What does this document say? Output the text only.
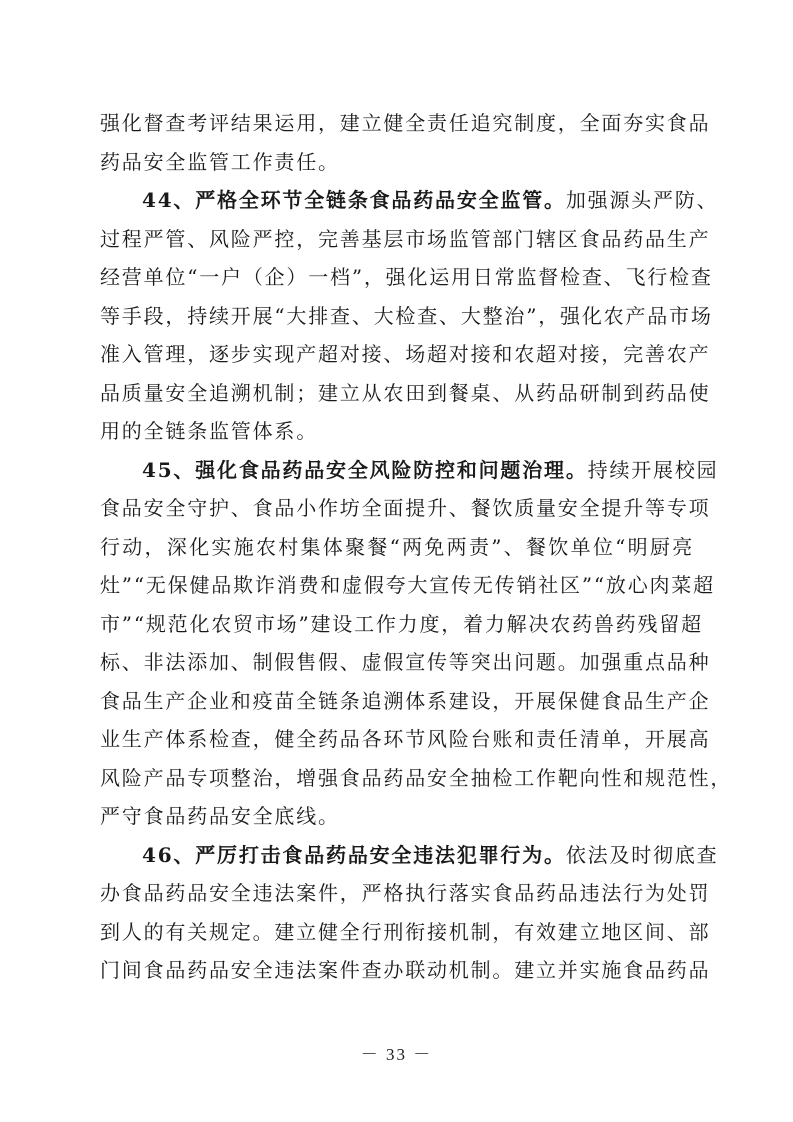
强化督查考评结果运用，建立健全责任追究制度，全面夯实食品
药品安全监管工作责任。
44、严格全环节全链条食品药品安全监管。加强源头严防、
过程严管、风险严控，完善基层市场监管部门辖区食品药品生产
经营单位“一户（企）一档”，强化运用日常监督检查、飞行检查
等手段，持续开展“大排查、大检查、大整治”，强化农产品市场
准入管理，逐步实现产超对接、场超对接和农超对接，完善农产
品质量安全追溯机制；建立从农田到餐桌、从药品研制到药品使
用的全链条监管体系。
45、强化食品药品安全风险防控和问题治理。持续开展校园
食品安全守护、食品小作坊全面提升、餐饮质量安全提升等专项
行动，深化实施农村集体聚餐“两免两责”、餐饮单位“明厨亮
灶”“无保健品欺诈消费和虚假夸大宣传无传销社区”“放心肉菜超
市”“规范化农贸市场”建设工作力度，着力解决农药兽药残留超
标、非法添加、制假售假、虚假宣传等突出问题。加强重点品种
食品生产企业和疫苗全链条追溯体系建设，开展保健食品生产企
业生产体系检查，健全药品各环节风险台账和责任清单，开展高
风险产品专项整治，增强食品药品安全抽检工作靶向性和规范性，
严守食品药品安全底线。
46、严厉打击食品药品安全违法犯罪行为。依法及时彻底查
办食品药品安全违法案件，严格执行落实食品药品违法行为处罚
到人的有关规定。建立健全行刑衔接机制，有效建立地区间、部
门间食品药品安全违法案件查办联动机制。建立并实施食品药品
－ 33 －
